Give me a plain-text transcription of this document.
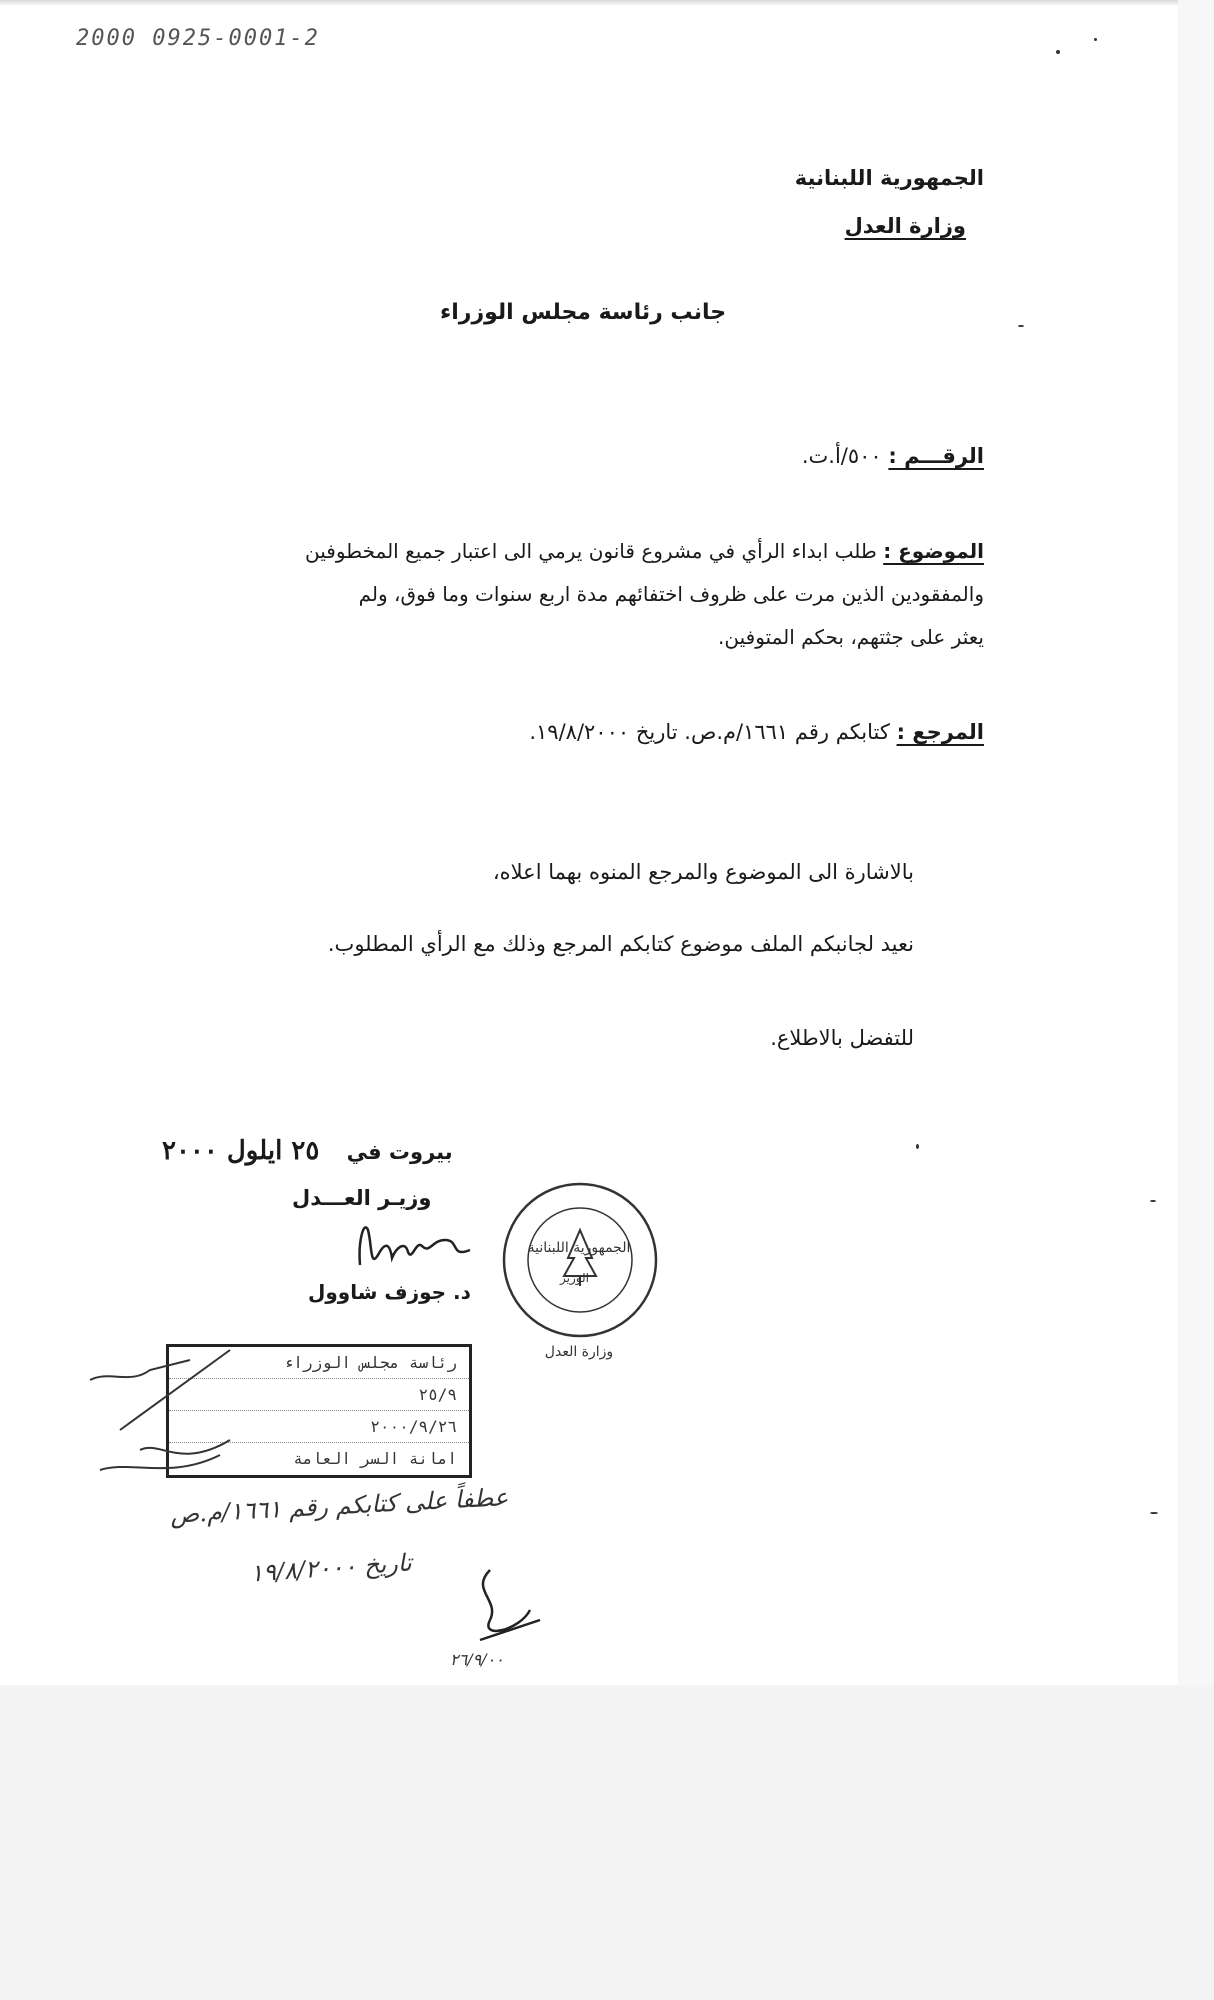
2000 0925-0001-2
الجمهورية اللبنانية
وزارة العدل
جانب رئاسة مجلس الوزراء
الرقـــم : ٥٠٠/أ.ت.
الموضوع : طلب ابداء الرأي في مشروع قانون يرمي الى اعتبار جميع المخطوفين
والمفقودين الذين مرت على ظروف اختفائهم مدة اربع سنوات وما فوق، ولم
يعثر على جثتهم، بحكم المتوفين.
المرجع : كتابكم رقم ١٦٦١/م.ص. تاريخ ١٩/٨/٢٠٠٠.
بالاشارة الى الموضوع والمرجع المنوه بهما اعلاه،
نعيد لجانبكم الملف موضوع كتابكم المرجع وذلك مع الرأي المطلوب.
للتفضل بالاطلاع.
بيروت في ٢٥ ايلول ٢٠٠٠
وزيـر العـــدل
د. جوزف شاوول
الجمهورية اللبنانية وزارة العدل
الوزير
رئاسة مجلس الوزراء
٢٥/٩
٢٠٠٠/٩/٢٦
امانة السر العامة
عطفاً على كتابكم رقم ١٦٦١/م.ص
تاريخ ١٩/٨/٢٠٠٠
٢٦/٩/٠٠
